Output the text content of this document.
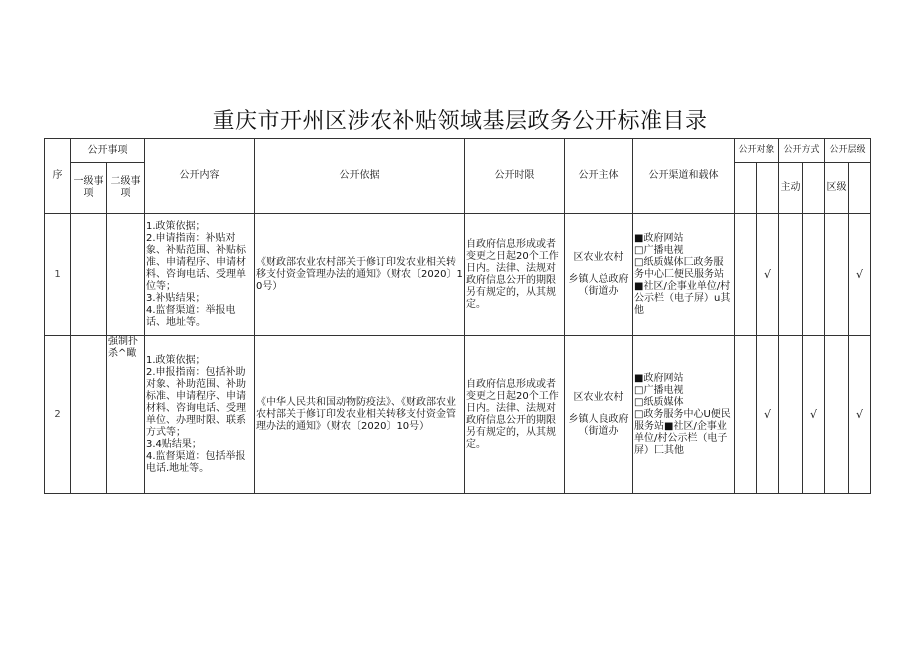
重庆市开州区涉农补贴领域基层政务公开标准目录
序	公开事项		公开内容	公开依据	公开时限	公开主体	公开渠道和载体	公开对象		公开方式		公开层级	
	一级事项	二级事项								主动		区级	

1			1.政策依据；
2.申请指南：补贴对象、补贴范围、补贴标准、申请程序、申请材料、咨询电话、受理单位等；
3.补贴结果；
4.监督渠道：举报电话、地址等。	《财政部农业农村部关于修订印发农业相关转移支付资金管理办法的通知》（财农〔2020〕10号）	自政府信息形成或者变更之日起20个工作日内。法律、法规对政府信息公开的期限另有规定的，从其规定。	区农业农村
乡镇人总政府（街道办	■政府网站
□广播电视
□纸质媒体匚政务服务中心匚便民服务站
■社区/企事业单位/村公示栏（电子屏）u其他		√				√
2		强制扑杀^瞰	1.政策依据；
2.申报指南：包括补助对象、补助范围、补助标准、申请程序、申请材料、咨询电话、受理单位、办理时限、联系方式等；
3.4贴结果；
4.监督渠道：包括举报电话.地址等。	《中华人民共和国动物防疫法》、《财政部农业农村部关于修订印发农业相关转移支付资金管理办法的通知》（财农〔2020〕10号）	自政府信息形成或者变更之日起20个工作日内。法律、法规对政府信息公开的期限另有规定的，从其规定。	区农业农村
乡镇人良政府（街道办	■政府网站
□广播电视
□纸质媒体
□政务服务中心U便民服务站■社区/企事业单位/村公示栏（电子屏）匚其他		√		√		√
